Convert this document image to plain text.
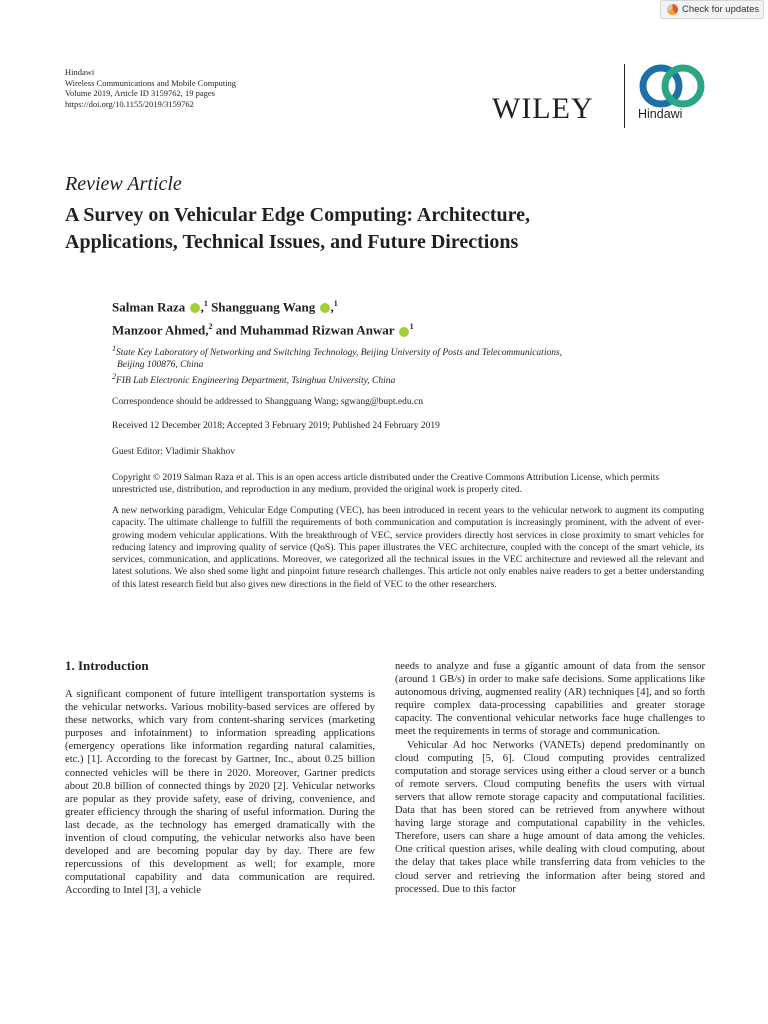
Check for updates
Hindawi
Wireless Communications and Mobile Computing
Volume 2019, Article ID 3159762, 19 pages
https://doi.org/10.1155/2019/3159762	WILEY	Hindawi
Review Article
A Survey on Vehicular Edge Computing: Architecture, Applications, Technical Issues, and Future Directions
Salman Raza ,$^1$ Shangguang Wang ,$^1$
Manzoor Ahmed,$^2$ and Muhammad Rizwan Anwar $^1$
$^1$State Key Laboratory of Networking and Switching Technology, Beijing University of Posts and Telecommunications,
Beijing 100876, China
$^2$FIB Lab Electronic Engineering Department, Tsinghua University, China
Correspondence should be addressed to Shangguang Wang; sgwang@bupt.edu.cn
Received 12 December 2018; Accepted 3 February 2019; Published 24 February 2019
Guest Editor: Vladimir Shakhov
Copyright © 2019 Salman Raza et al. This is an open access article distributed under the Creative Commons Attribution License, which permits unrestricted use, distribution, and reproduction in any medium, provided the original work is properly cited.
A new networking paradigm, Vehicular Edge Computing (VEC), has been introduced in recent years to the vehicular network to augment its computing capacity. The ultimate challenge to fulfill the requirements of both communication and computation is increasingly prominent, with the advent of ever-growing modern vehicular applications. With the breakthrough of VEC, service providers directly host services in close proximity to smart vehicles for reducing latency and improving quality of service (QoS). This paper illustrates the VEC architecture, coupled with the concept of the smart vehicle, its services, communication, and applications. Moreover, we categorized all the technical issues in the VEC architecture and reviewed all the relevant and latest solutions. We also shed some light and pinpoint future research challenges. This article not only enables naive readers to get a better understanding of this latest research field but also gives new directions in the field of VEC to the other researchers.
1. Introduction

A significant component of future intelligent transportation systems is the vehicular networks. Various mobility-based services are offered by these networks, which vary from content-sharing services (marketing purposes and infotainment) to information spreading applications (emergency operations like information regarding natural calamities, etc.) [1]. According to the forecast by Gartner, Inc., about 0.25 billion connected vehicles will be there in 2020. Moreover, Gartner predicts about 20.8 billion of connected things by 2020 [2]. Vehicular networks are popular as they provide safety, ease of driving, convenience, and greater efficiency through the sharing of useful information. During the last decade, as the technology has emerged dramatically with the invention of cloud computing, the vehicular networks also have been developed and are becoming popular day by day. There are few repercussions of this development as well; for example, more computational capability and data communication are required. According to Intel [3], a vehicle

needs to analyze and fuse a gigantic amount of data from the sensor (around 1 GB/s) in order to make safe decisions. Some applications like autonomous driving, augmented reality (AR) techniques [4], and so forth require complex data-processing capabilities and greater storage capacity. The conventional vehicular networks face huge challenges to meet the requirements in terms of storage and communication.

Vehicular Ad hoc Networks (VANETs) depend predominantly on cloud computing [5, 6]. Cloud computing provides centralized computation and storage services using either a cloud server or a bunch of remote servers. Cloud computing benefits the users with virtual servers that allow remote storage capacity and computational facilities. Data that has been stored can be retrieved from anywhere without having large storage and computational capability in the vehicles. Therefore, users can share a huge amount of data among the vehicles. One critical question arises, while dealing with cloud computing, about the delay that takes place while transferring data from vehicles to the cloud server and retrieving the information after being stored and processed. Due to this factor
